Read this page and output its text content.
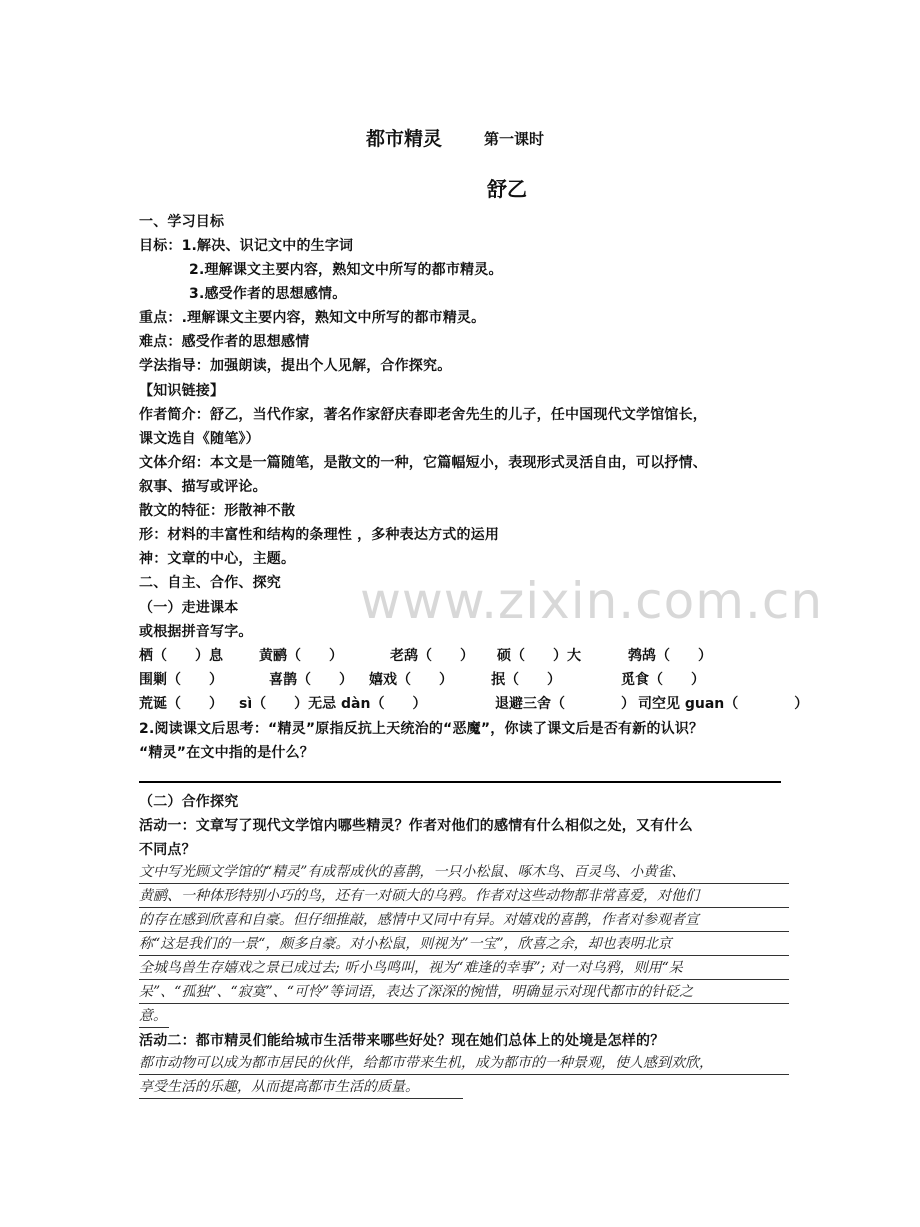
www.zixin.com.cn
都市精灵	第一课时
舒乙
一、学习目标
目标：1.解决、识记文中的生字词
2.理解课文主要内容，熟知文中所写的都市精灵。
3.感受作者的思想感情。
重点：.理解课文主要内容，熟知文中所写的都市精灵。
难点：感受作者的思想感情
学法指导：加强朗读，提出个人见解，合作探究。
【知识链接】
作者简介：舒乙，当代作家，著名作家舒庆春即老舍先生的儿子，任中国现代文学馆馆长，
课文选自《随笔》）
文体介绍：本文是一篇随笔，是散文的一种，它篇幅短小，表现形式灵活自由，可以抒情、
叙事、描写或评论。
散文的特征：形散神不散
形：材料的丰富性和结构的条理性 ，多种表达方式的运用
神：文章的中心，主题。
二、自主、合作、探究
（一）走进课本
或根据拼音写字。
栖（　　）息	黄鹂（　　）	老鸹（　　） 硕（　　）大	鹁鸪（　　）
围剿（　　）	喜鹊（　　） 嬉戏（　　）	抿（　　）	觅食（　　）
荒诞（　　） sì（　　）无忌 dàn（　　）	退避三舍（　　　　） 司空见 guan（　　　　）
2.阅读课文后思考：“精灵”原指反抗上天统治的“恶魔”，你读了课文后是否有新的认识？
“精灵”在文中指的是什么？
（二）合作探究
活动一：文章写了现代文学馆内哪些精灵？作者对他们的感情有什么相似之处，又有什么
不同点？
文中写光顾文学馆的“精灵”有成帮成伙的喜鹊，一只小松鼠、啄木鸟、百灵鸟、小黄雀、
黄鹂、一种体形特别小巧的鸟，还有一对硕大的乌鸦。作者对这些动物都非常喜爱，对他们
的存在感到欣喜和自豪。但仔细推敲，感情中又同中有异。对嬉戏的喜鹊，作者对参观者宣
称“这是我们的一景“，颇多自豪。对小松鼠，则视为”一宝”，欣喜之余，却也表明北京
全城鸟兽生存嬉戏之景已成过去; 听小鸟鸣叫，视为“难逢的幸事”; 对一对乌鸦，则用“呆
呆”、“孤独”、“寂寞”、“可怜”等词语，表达了深深的惋惜，明确显示对现代都市的针砭之
意。
活动二：都市精灵们能给城市生活带来哪些好处？现在她们总体上的处境是怎样的？
都市动物可以成为都市居民的伙伴，给都市带来生机，成为都市的一种景观，使人感到欢欣，
享受生活的乐趣，从而提高都市生活的质量。
